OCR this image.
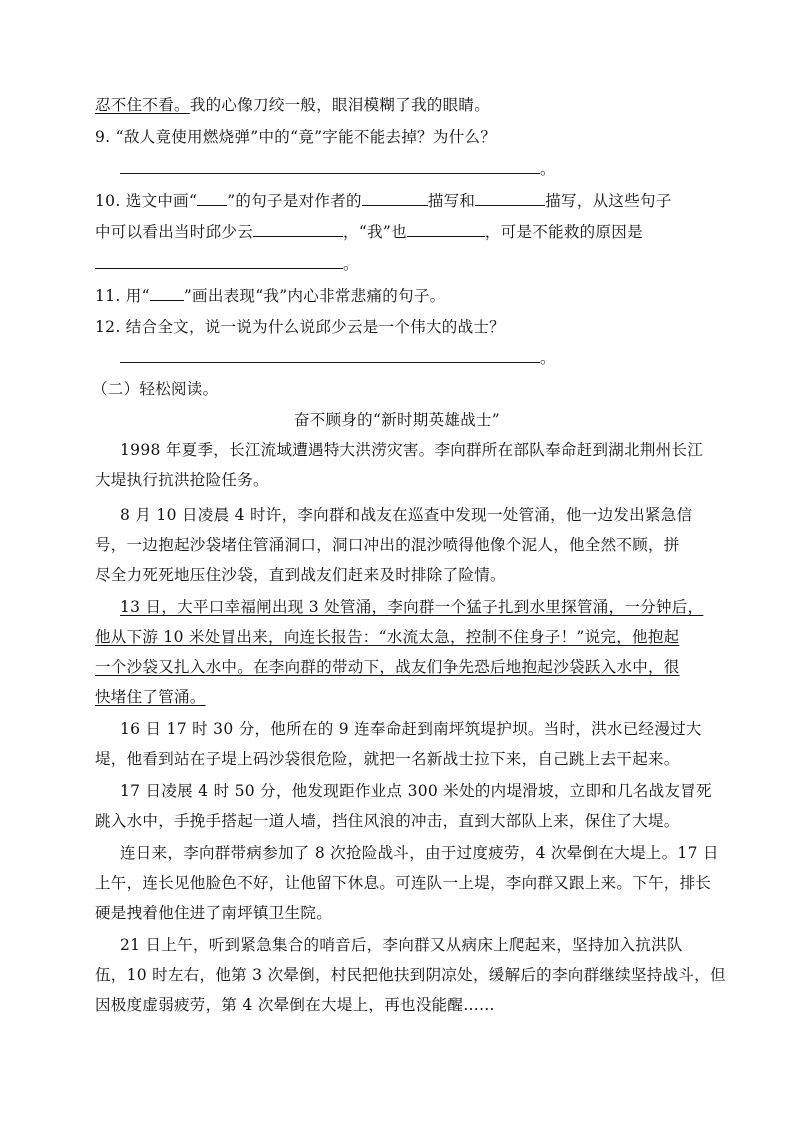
忍不住不看。我的心像刀绞一般，眼泪模糊了我的眼睛。
9. “敌人竟使用燃烧弹”中的“竟”字能不能去掉？为什么？
。
10. 选文中画“ ”的句子是对作者的	描写和	描写，从这些句子
中可以看出当时邱少云	，“我”也	，可是不能救的原因是
。
11. 用“ ”画出表现“我”内心非常悲痛的句子。
12. 结合全文，说一说为什么说邱少云是一个伟大的战士？
。
（二）轻松阅读。
奋不顾身的“新时期英雄战士”
1998 年夏季，长江流域遭遇特大洪涝灾害。李向群所在部队奉命赶到湖北荆州长江
大堤执行抗洪抢险任务。
8 月 10 日凌晨 4 时许，李向群和战友在巡查中发现一处管涌，他一边发出紧急信
号，一边抱起沙袋堵住管涌洞口，洞口冲出的混沙喷得他像个泥人，他全然不顾，拼
尽全力死死地压住沙袋，直到战友们赶来及时排除了险情。
13 日，大平口幸福闸出现 3 处管涌，李向群一个猛子扎到水里探管涌，一分钟后，
他从下游 10 米处冒出来，向连长报告：“水流太急，控制不住身子！”说完，他抱起
一个沙袋又扎入水中。在李向群的带动下，战友们争先恐后地抱起沙袋跃入水中，很
快堵住了管涌。
16 日 17 时 30 分，他所在的 9 连奉命赶到南坪筑堤护坝。当时，洪水已经漫过大
堤，他看到站在子堤上码沙袋很危险，就把一名新战士拉下来，自己跳上去干起来。
17 日凌展 4 时 50 分，他发现距作业点 300 米处的内堤滑坡，立即和几名战友冒死
跳入水中，手挽手搭起一道人墙，挡住风浪的冲击，直到大部队上来，保住了大堤。
连日来，李向群带病参加了 8 次抢险战斗，由于过度疲劳，4 次晕倒在大堤上。17 日
上午，连长见他脸色不好，让他留下休息。可连队一上堤，李向群又跟上来。下午，排长
硬是拽着他住进了南坪镇卫生院。
21 日上午，听到紧急集合的哨音后，李向群又从病床上爬起来，坚持加入抗洪队
伍，10 时左右，他第 3 次晕倒，村民把他扶到阴凉处，缓解后的李向群继续坚持战斗，但
因极度虚弱疲劳，第 4 次晕倒在大堤上，再也没能醒……
